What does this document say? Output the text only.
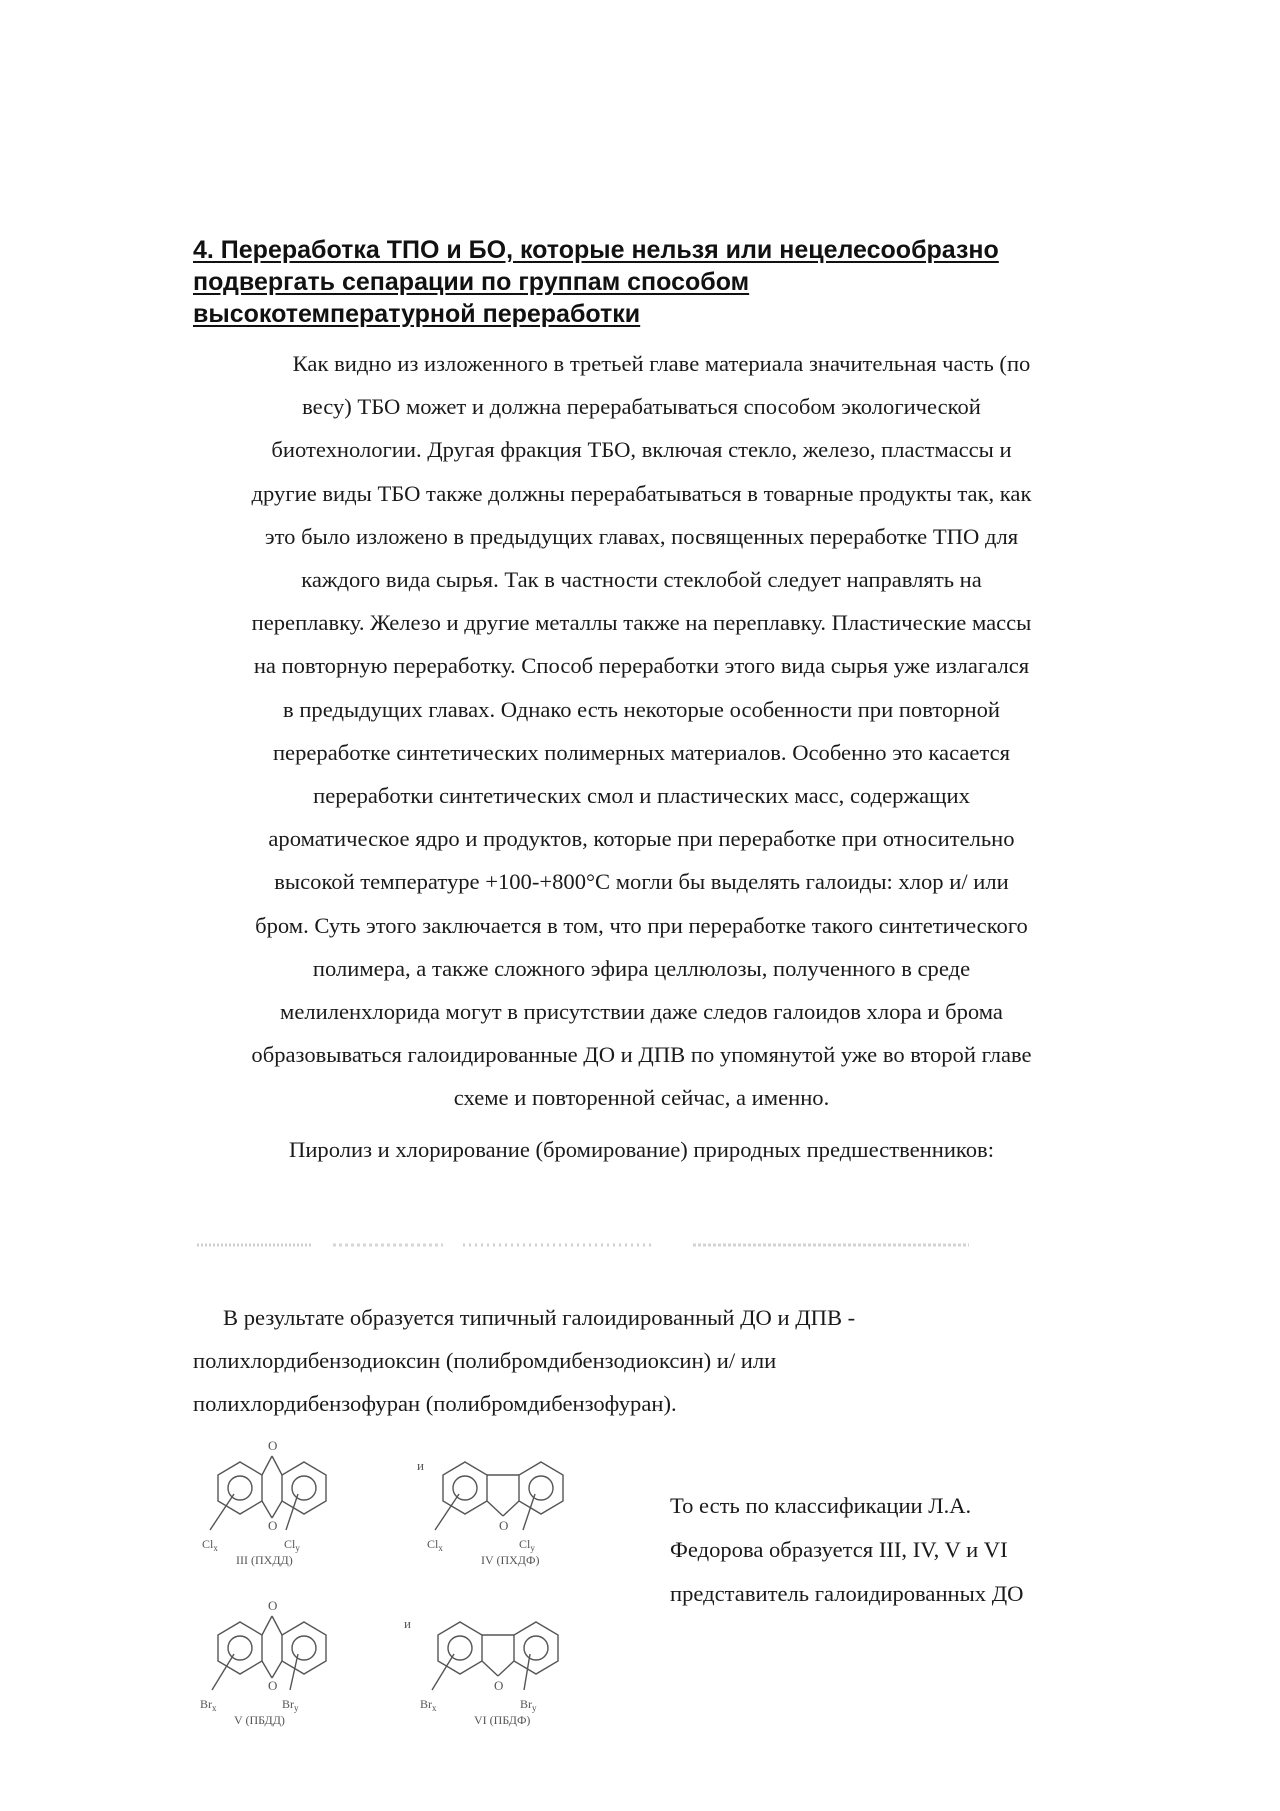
4. Переработка ТПО и БО, которые нельзя или нецелесообразно
подвергать сепарации по группам способом
высокотемпературной переработки
Как видно из изложенного в третьей главе материала значительная часть (по
весу) ТБО может и должна перерабатываться способом экологической
биотехнологии. Другая фракция ТБО, включая стекло, железо, пластмассы и
другие виды ТБО также должны перерабатываться в товарные продукты так, как
это было изложено в предыдущих главах, посвященных переработке ТПО для
каждого вида сырья. Так в частности стеклобой следует направлять на
переплавку. Железо и другие металлы также на переплавку. Пластические массы
на повторную переработку. Способ переработки этого вида сырья уже излагался
в предыдущих главах. Однако есть некоторые особенности при повторной
переработке синтетических полимерных материалов. Особенно это касается
переработки синтетических смол и пластических масс, содержащих
ароматическое ядро и продуктов, которые при переработке при относительно
высокой температуре +100-+800°С могли бы выделять галоиды: хлор и/ или
бром. Суть этого заключается в том, что при переработке такого синтетического
полимера, а также сложного эфира целлюлозы, полученного в среде
мелиленхлорида могут в присутствии даже следов галоидов хлора и брома
образовываться галоидированные ДО и ДПВ по упомянутой уже во второй главе
схеме и повторенной сейчас, а именно.
Пиролиз и хлорирование (бромирование) природных предшественников:
В результате образуется типичный галоидированный ДО и ДПВ -
полихлордибензодиоксин (полибромдибензодиоксин) и/ или
полихлордибензофуран (полибромдибензофуран).
O
O
$Cl_x$	$Cl_y$
III (ПХДД)
и
O
$Cl_x$	$Cl_y$
IV (ПХДФ)
O
O
$Br_x$	$Br_y$
V (ПБДД)
и
O
$Br_x$	$Br_y$
VI (ПБДФ)
То есть по классификации Л.А.
Федорова образуется III, IV, V и VI
представитель галоидированных ДО
